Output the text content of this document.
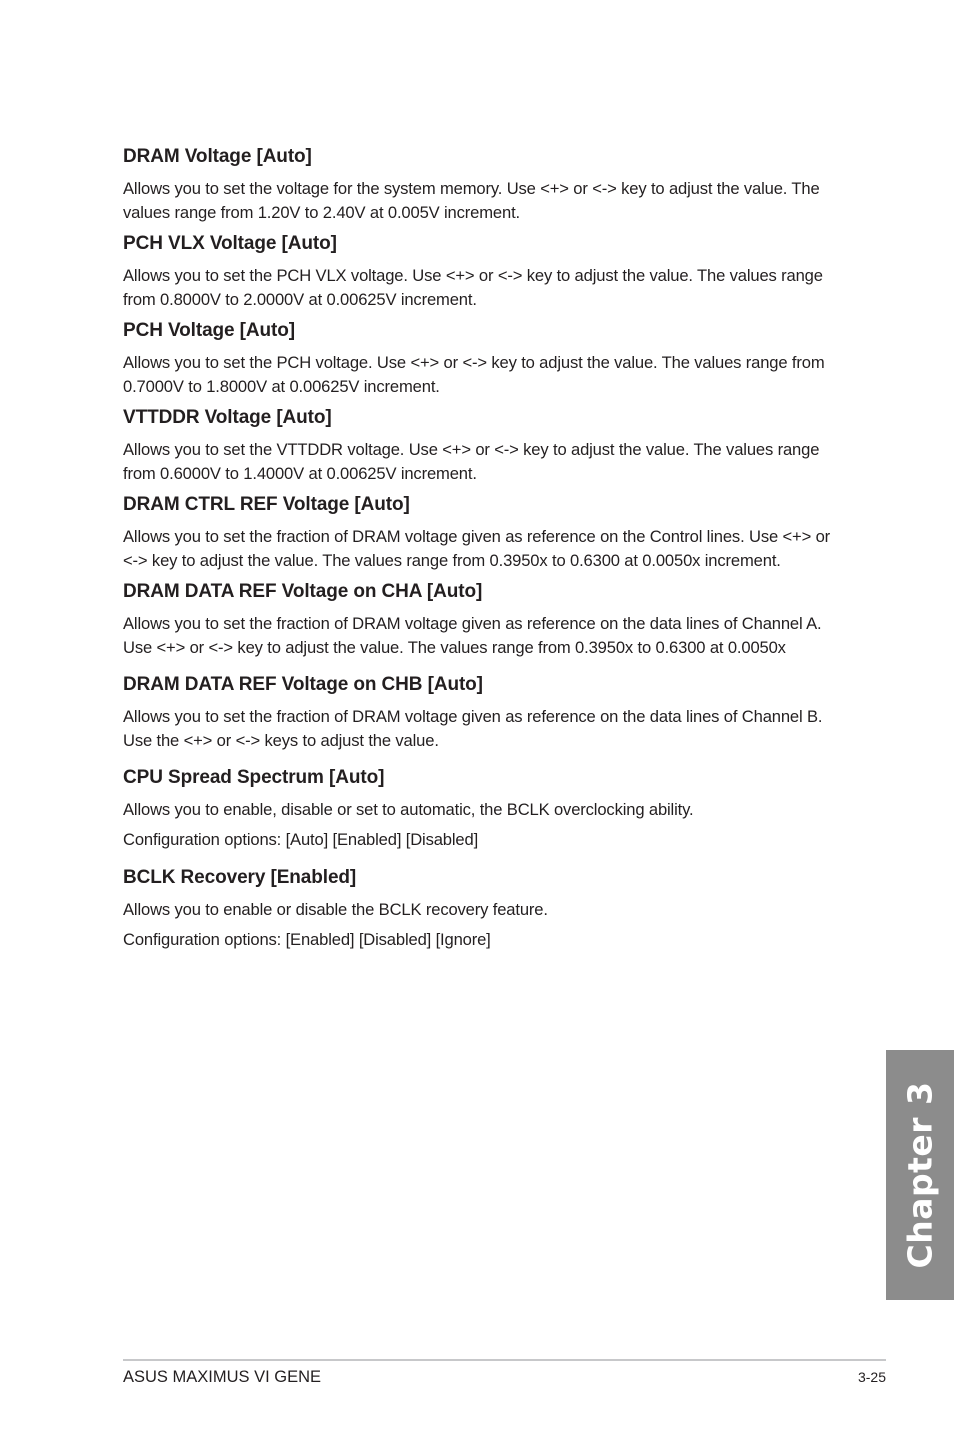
DRAM Voltage [Auto]

Allows you to set the voltage for the system memory. Use <+> or <-> key to adjust the value. The values range from 1.20V to 2.40V at 0.005V increment.

PCH VLX Voltage [Auto]

Allows you to set the PCH VLX voltage. Use <+> or <-> key to adjust the value. The values range from 0.8000V to 2.0000V at 0.00625V increment.

PCH Voltage [Auto]

Allows you to set the PCH voltage. Use <+> or <-> key to adjust the value. The values range from 0.7000V to 1.8000V at 0.00625V increment.

VTTDDR Voltage [Auto]

Allows you to set the VTTDDR voltage. Use <+> or <-> key to adjust the value. The values range from 0.6000V to 1.4000V at 0.00625V increment.

DRAM CTRL REF Voltage [Auto]

Allows you to set the fraction of DRAM voltage given as reference on the Control lines. Use <+> or <-> key to adjust the value. The values range from 0.3950x to 0.6300 at 0.0050x increment.

DRAM DATA REF Voltage on CHA [Auto]

Allows you to set the fraction of DRAM voltage given as reference on the data lines of Channel A. Use <+> or <-> key to adjust the value. The values range from 0.3950x to 0.6300 at 0.0050x

DRAM DATA REF Voltage on CHB [Auto]

Allows you to set the fraction of DRAM voltage given as reference on the data lines of Channel B. Use the <+> or <-> keys to adjust the value.

CPU Spread Spectrum [Auto]

Allows you to enable, disable or set to automatic, the BCLK overclocking ability.

Configuration options: [Auto] [Enabled] [Disabled]

BCLK Recovery [Enabled]

Allows you to enable or disable the BCLK recovery feature.

Configuration options: [Enabled] [Disabled] [Ignore]

Chapter 3
ASUS MAXIMUS VI GENE	3-25
